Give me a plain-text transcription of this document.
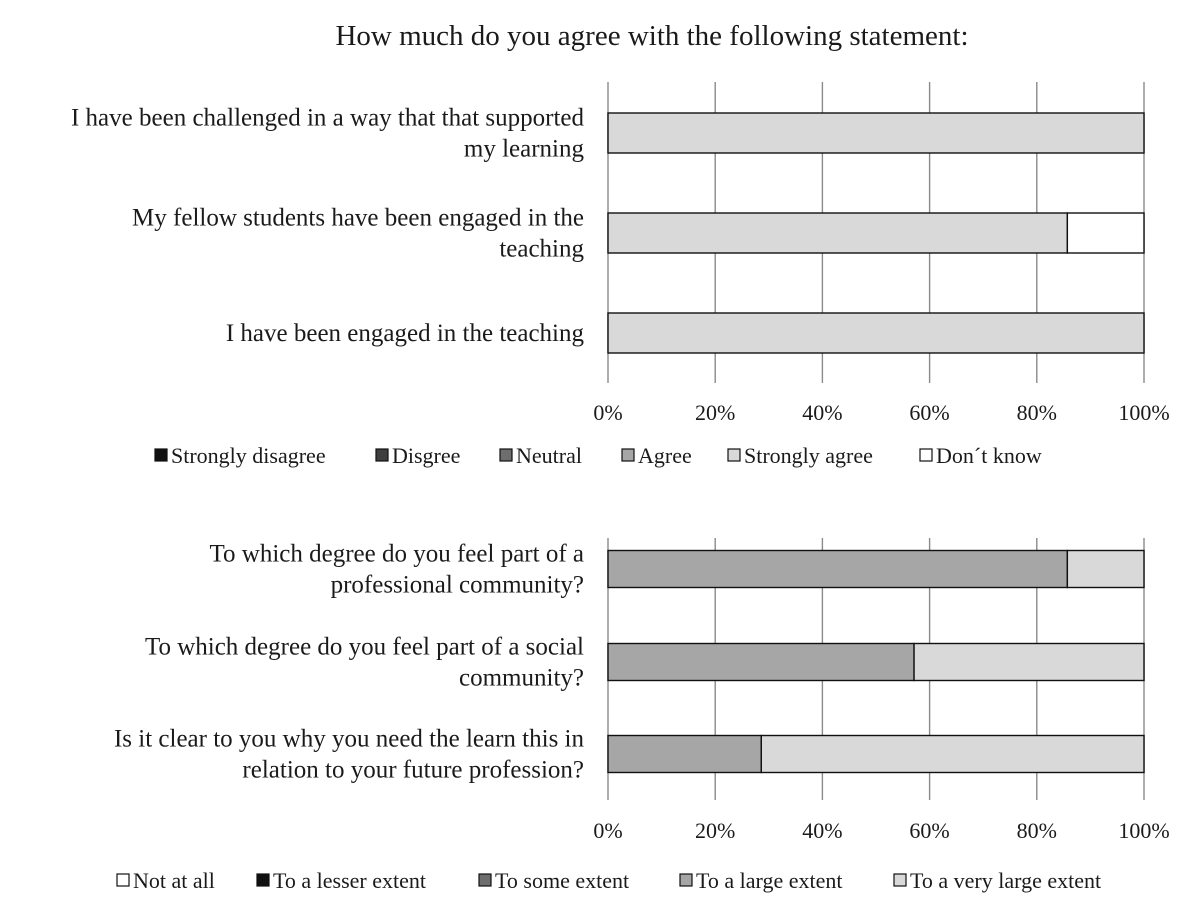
How much do you agree with the following statement:
0%	20%	40%	60%	80%	100%
I have been challenged in a way that that supported
my learning
My fellow students have been engaged in the
teaching
I have been engaged in the teaching
Strongly disagree	Disgree	Neutral	Agree Strongly agree	Don´t know
0%	20%	40%	60%	80%	100%
To which degree do you feel part of a
professional community?
To which degree do you feel part of a social
community?
Is it clear to you why you need the learn this in
relation to your future profession?
Not at all	To a lesser extent	To some extent	To a large extent	To a very large extent
